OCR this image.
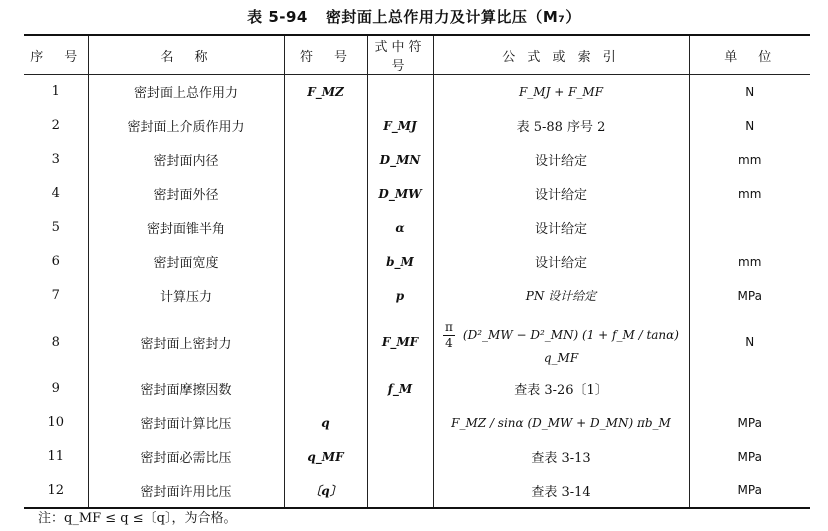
表 5-94 密封面上总作用力及计算比压（M₇）
序　号	名　称	符　号	式中符号	公 式 或 索 引	单　位
1	密封面上总作用力	F_MZ		F_MJ + F_MF	N
2	密封面上介质作用力		F_MJ	表 5-88 序号 2	N
3	密封面内径		D_MN	设计给定	mm
4	密封面外径		D_MW	设计给定	mm
5	密封面锥半角		α	设计给定	
6	密封面宽度		b_M	设计给定	mm
7	计算压力		p	PN 设计给定	MPa
8	密封面上密封力		F_MF	$\frac{\pi}{4}$ (D²_MW − D²_MN) (1 + f_M / tanα) q_MF	N
9	密封面摩擦因数		f_M	查表 3-26〔1〕	
10	密封面计算比压	q		F_MZ / sinα (D_MW + D_MN) πb_M	MPa
11	密封面必需比压	q_MF		查表 3-13	MPa
12	密封面许用比压	〔q〕		查表 3-14	MPa
注：q_MF ≤ q ≤〔q〕，为合格。
